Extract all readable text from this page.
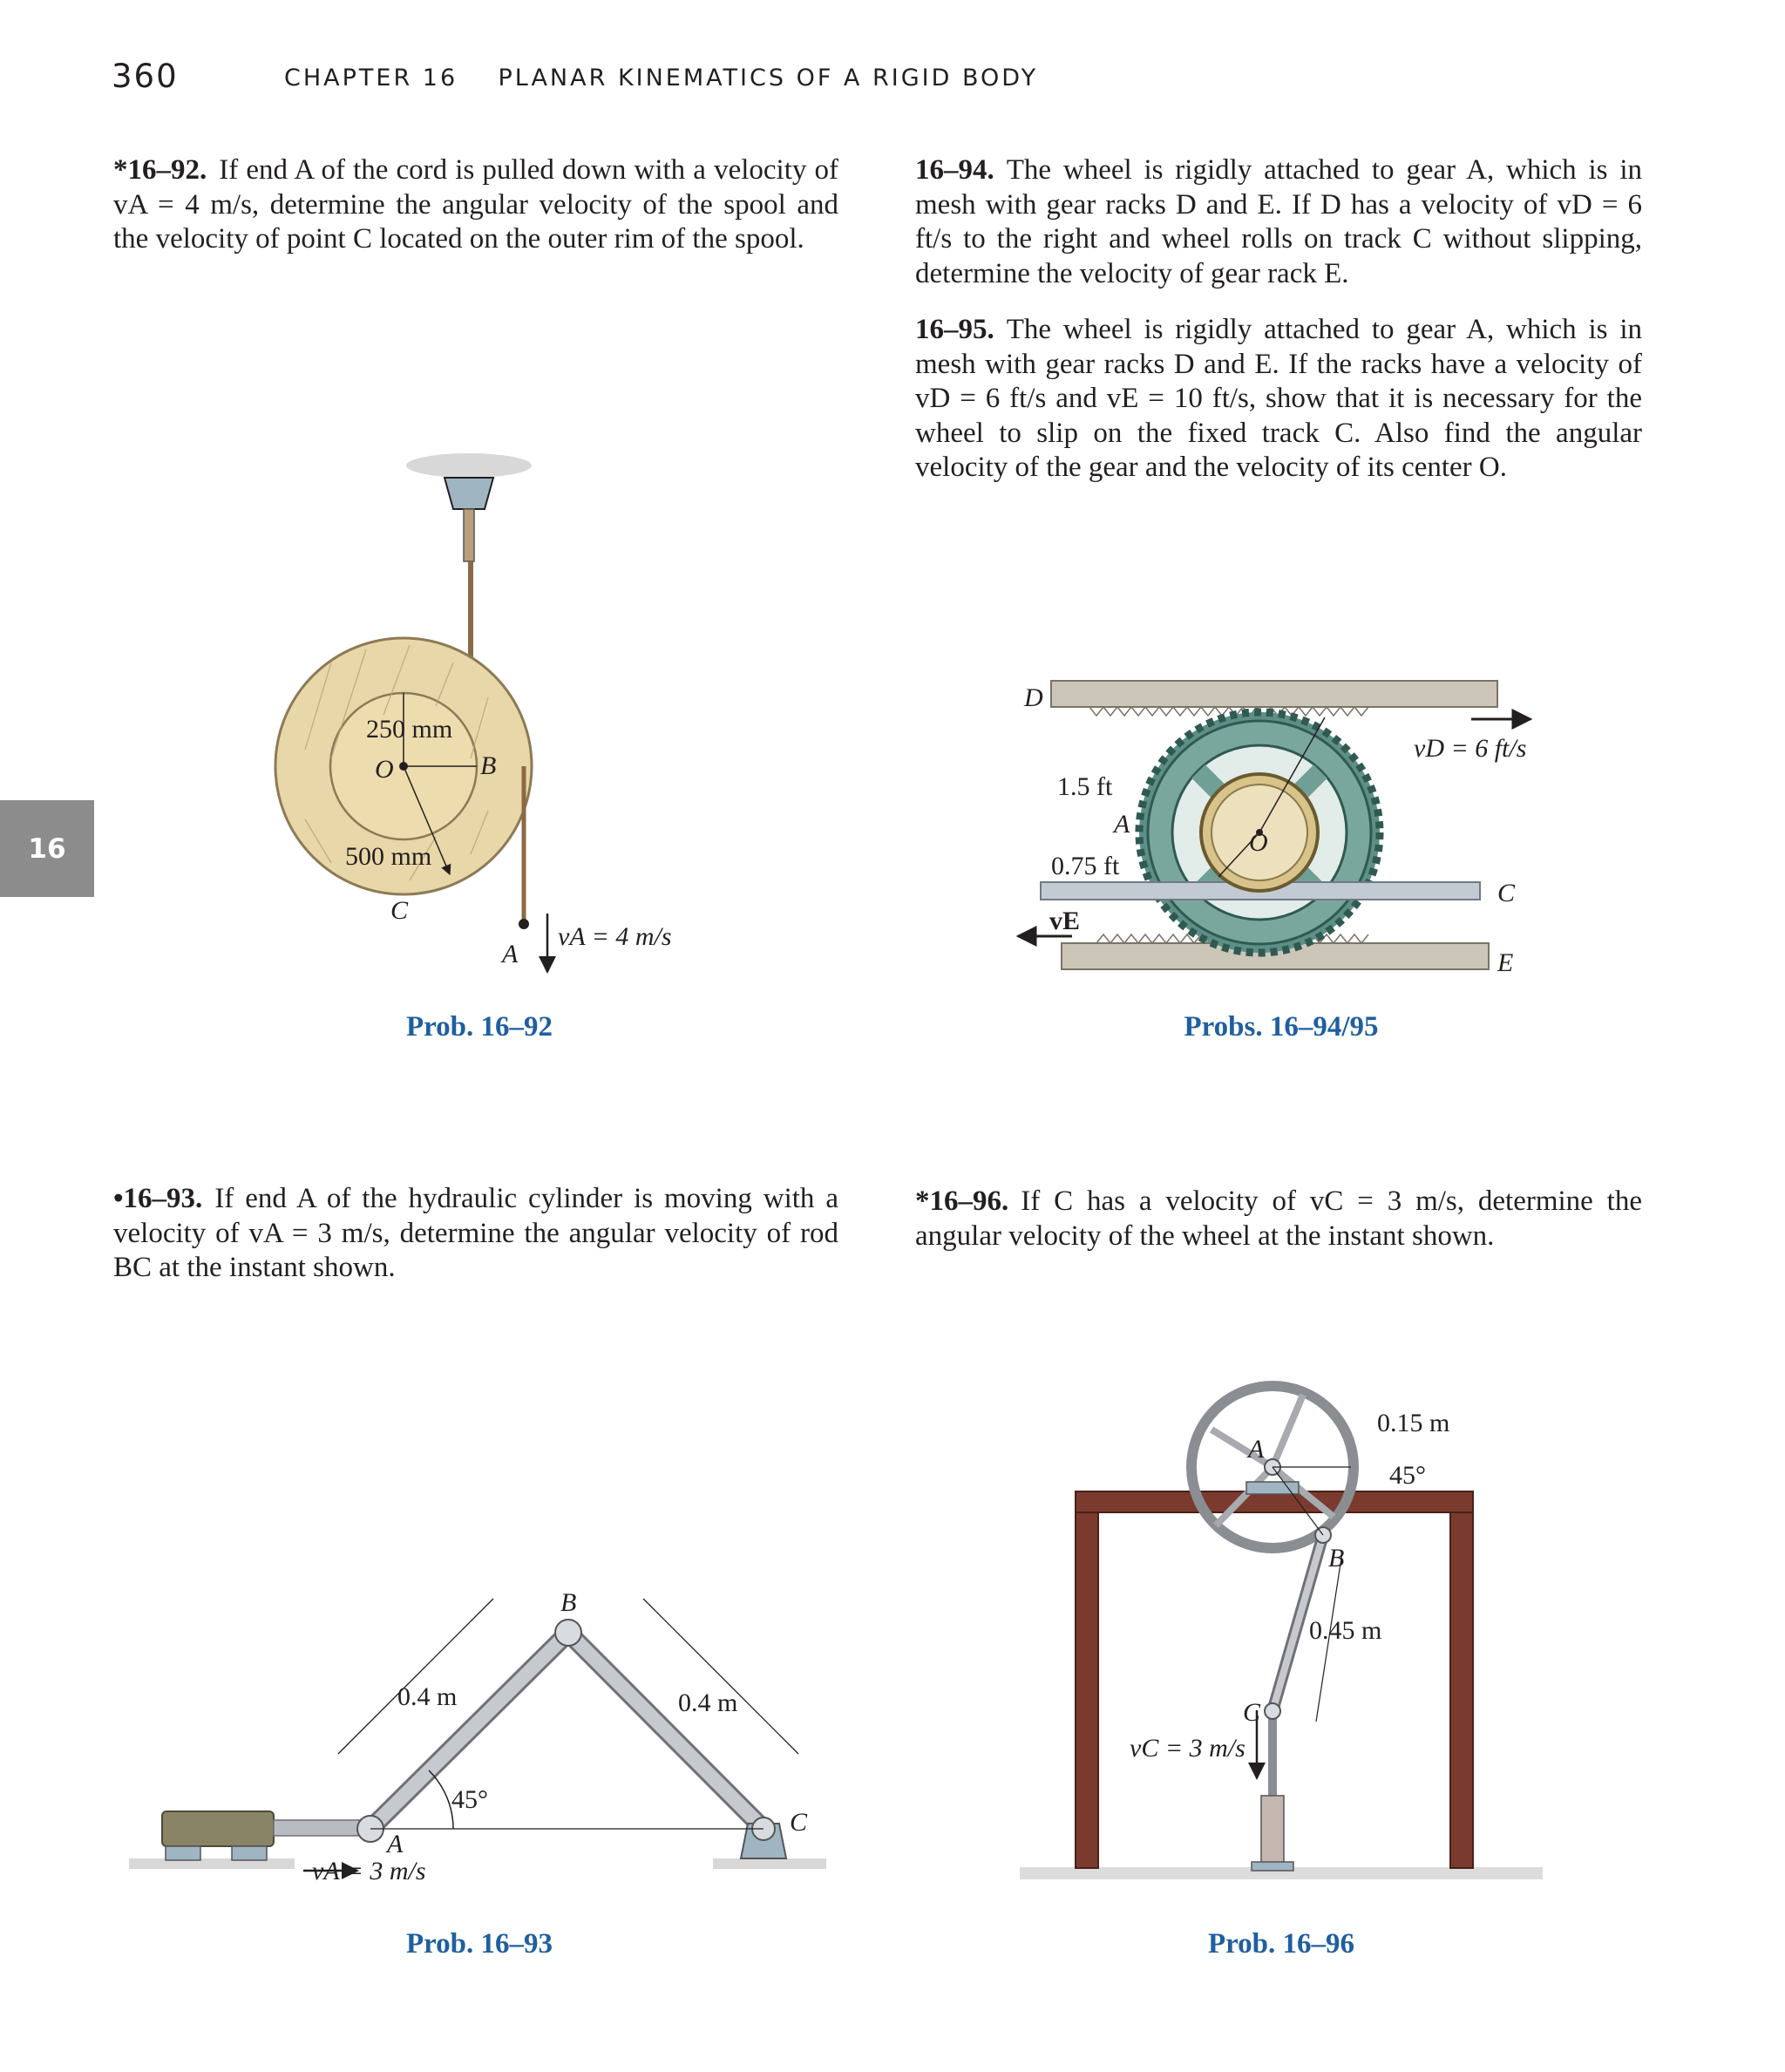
360	CHAPTER 16 PLANAR KINEMATICS OF A RIGID BODY
16
*16–92. If end A of the cord is pulled down with a velocity of vA = 4 m/s, determine the angular velocity of the spool and the velocity of point C located on the outer rim of the spool.
16–94. The wheel is rigidly attached to gear A, which is in mesh with gear racks D and E. If D has a velocity of vD = 6 ft/s to the right and wheel rolls on track C without slipping, determine the velocity of gear rack E.
16–95. The wheel is rigidly attached to gear A, which is in mesh with gear racks D and E. If the racks have a velocity of vD = 6 ft/s and vE = 10 ft/s, show that it is necessary for the wheel to slip on the fixed track C. Also find the angular velocity of the gear and the velocity of its center O.
•16–93. If end A of the hydraulic cylinder is moving with a velocity of vA = 3 m/s, determine the angular velocity of rod BC at the instant shown.
*16–96. If C has a velocity of vC = 3 m/s, determine the angular velocity of the wheel at the instant shown.
Prob. 16–92	Probs. 16–94/95
Prob. 16–93	Prob. 16–96
250 mm
O	B
500 mm
C
A
vA = 4 m/s
D
vD = 6 ft/s
1.5 ft
A
O
0.75 ft
C
vE
E
B
0.4 m	0.4 m
45°
A
C
vA = 3 m/s
0.15 m
A
45°
B
0.45 m
C
vC = 3 m/s
